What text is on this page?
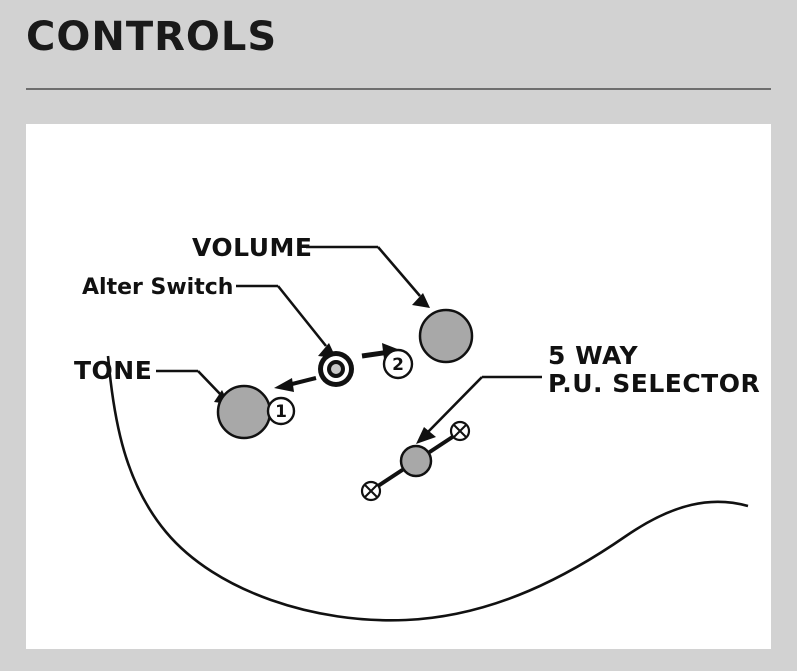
CONTROLS
TONE
Alter Switch
1
2
VOLUME
5 WAY
P.U. SELECTOR
